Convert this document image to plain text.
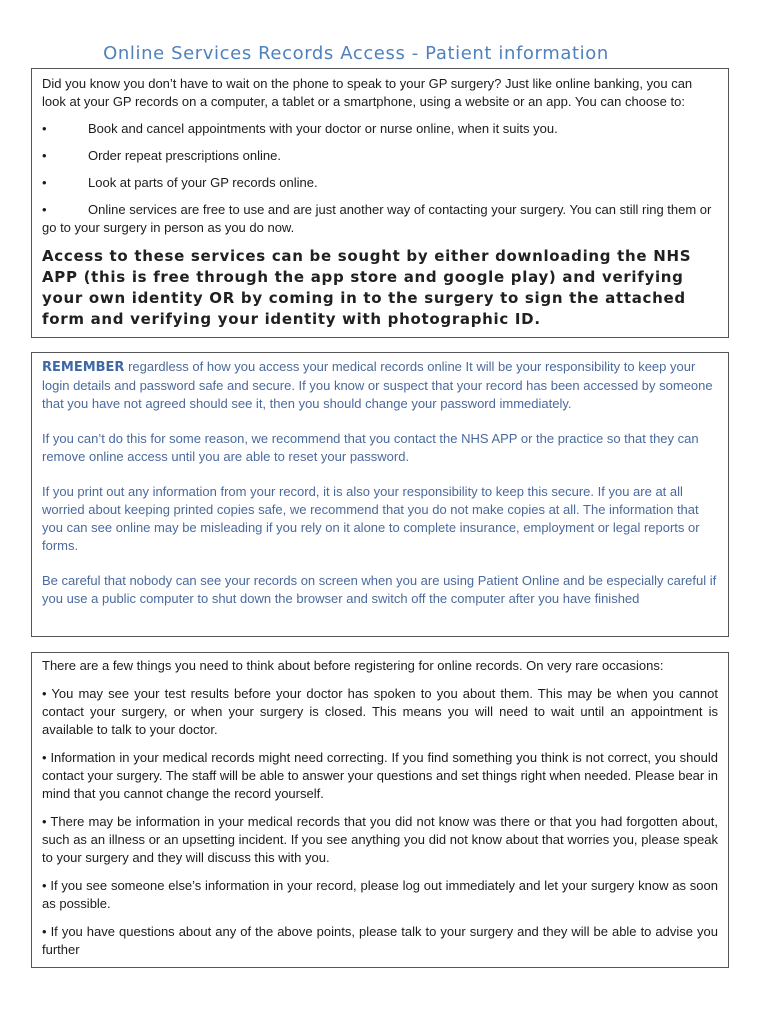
Online Services Records Access - Patient information

Did you know you don’t have to wait on the phone to speak to your GP surgery? Just like online banking, you can look at your GP records on a computer, a tablet or a smartphone, using a website or an app. You can choose to:

•	Book and cancel appointments with your doctor or nurse online, when it suits you.
•	Order repeat prescriptions online.
•	Look at parts of your GP records online.
•	Online services are free to use and are just another way of contacting your surgery. You can still ring them or go to your surgery in person as you do now.
Access to these services can be sought by either downloading the NHS APP (this is free through the app store and google play) and verifying your own identity OR by coming in to the surgery to sign the attached form and verifying your identity with photographic ID.

REMEMBER regardless of how you access your medical records online It will be your responsibility to keep your login details and password safe and secure. If you know or suspect that your record has been accessed by someone that you have not agreed should see it, then you should change your password immediately.

If you can’t do this for some reason, we recommend that you contact the NHS APP or the practice so that they can remove online access until you are able to reset your password.

If you print out any information from your record, it is also your responsibility to keep this secure. If you are at all worried about keeping printed copies safe, we recommend that you do not make copies at all. The information that you can see online may be misleading if you rely on it alone to complete insurance, employment or legal reports or forms.

Be careful that nobody can see your records on screen when you are using Patient Online and be especially careful if you use a public computer to shut down the browser and switch off the computer after you have finished

There are a few things you need to think about before registering for online records. On very rare occasions:

• You may see your test results before your doctor has spoken to you about them. This may be when you cannot contact your surgery, or when your surgery is closed. This means you will need to wait until an appointment is available to talk to your doctor.

• Information in your medical records might need correcting. If you find something you think is not correct, you should contact your surgery. The staff will be able to answer your questions and set things right when needed. Please bear in mind that you cannot change the record yourself.

• There may be information in your medical records that you did not know was there or that you had forgotten about, such as an illness or an upsetting incident. If you see anything you did not know about that worries you, please speak to your surgery and they will discuss this with you.

• If you see someone else’s information in your record, please log out immediately and let your surgery know as soon as possible.

• If you have questions about any of the above points, please talk to your surgery and they will be able to advise you further
